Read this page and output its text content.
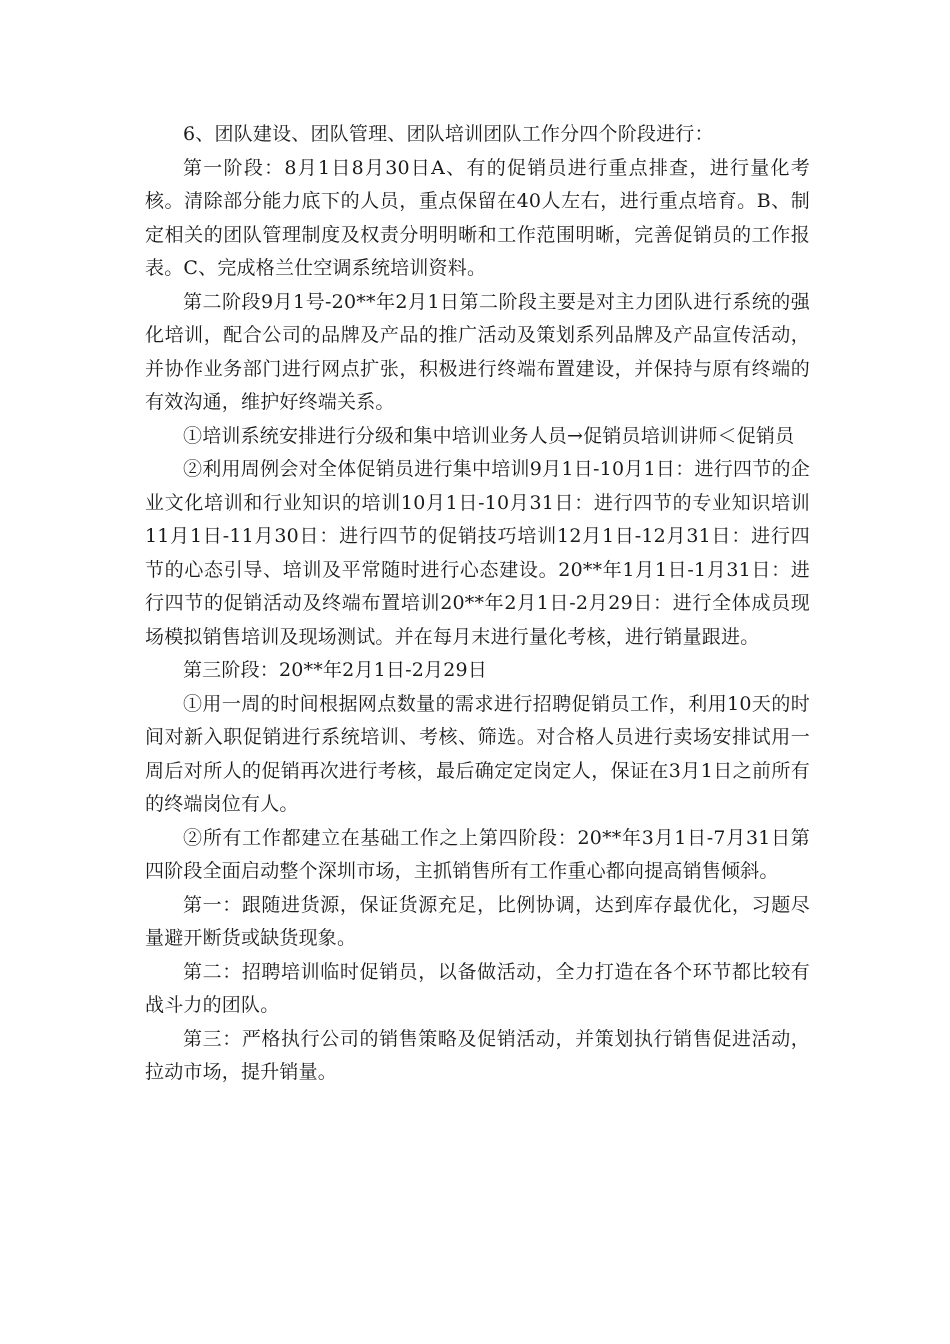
6、团队建设、团队管理、团队培训团队工作分四个阶段进行：

第一阶段：8月1日8月30日A、有的促销员进行重点排查，进行量化考核。清除部分能力底下的人员，重点保留在40人左右，进行重点培育。B、制定相关的团队管理制度及权责分明明晰和工作范围明晰，完善促销员的工作报表。C、完成格兰仕空调系统培训资料。

第二阶段9月1号-20**年2月1日第二阶段主要是对主力团队进行系统的强化培训，配合公司的品牌及产品的推广活动及策划系列品牌及产品宣传活动，并协作业务部门进行网点扩张，积极进行终端布置建设，并保持与原有终端的有效沟通，维护好终端关系。

①培训系统安排进行分级和集中培训业务人员→促销员培训讲师＜促销员

②利用周例会对全体促销员进行集中培训9月1日-10月1日：进行四节的企业文化培训和行业知识的培训10月1日-10月31日：进行四节的专业知识培训11月1日-11月30日：进行四节的促销技巧培训12月1日-12月31日：进行四节的心态引导、培训及平常随时进行心态建设。20**年1月1日-1月31日：进行四节的促销活动及终端布置培训20**年2月1日-2月29日：进行全体成员现场模拟销售培训及现场测试。并在每月末进行量化考核，进行销量跟进。

第三阶段：20**年2月1日-2月29日

①用一周的时间根据网点数量的需求进行招聘促销员工作，利用10天的时间对新入职促销进行系统培训、考核、筛选。对合格人员进行卖场安排试用一周后对所人的促销再次进行考核，最后确定定岗定人，保证在3月1日之前所有的终端岗位有人。

②所有工作都建立在基础工作之上第四阶段：20**年3月1日-7月31日第四阶段全面启动整个深圳市场，主抓销售所有工作重心都向提高销售倾斜。

第一：跟随进货源，保证货源充足，比例协调，达到库存最优化，习题尽量避开断货或缺货现象。

第二：招聘培训临时促销员，以备做活动，全力打造在各个环节都比较有战斗力的团队。

第三：严格执行公司的销售策略及促销活动，并策划执行销售促进活动，拉动市场，提升销量。
